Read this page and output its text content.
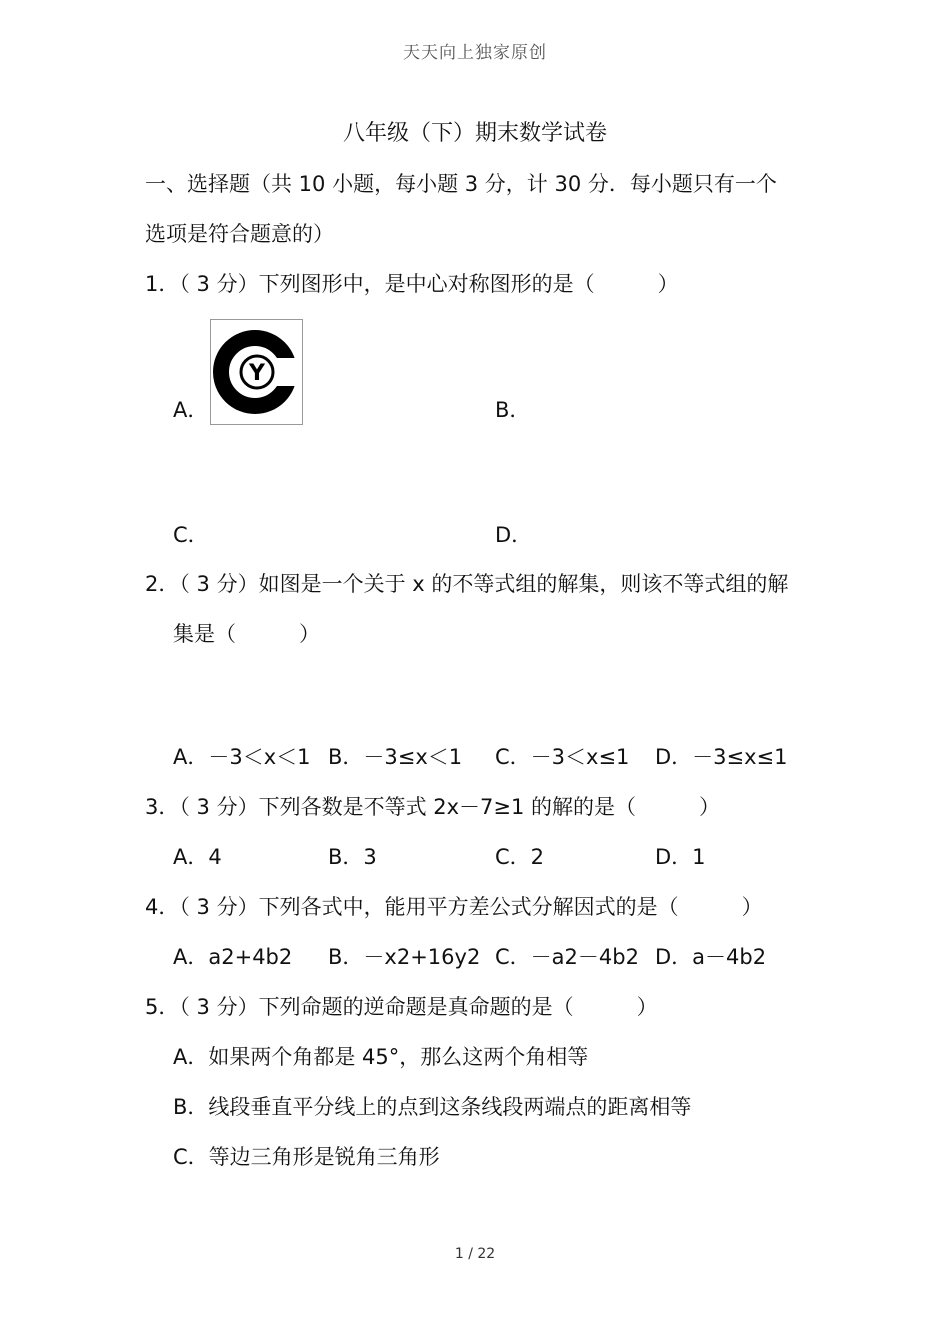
天天向上独家原创
八年级（下）期末数学试卷
一、选择题（共 10 小题，每小题 3 分，计 30 分．每小题只有一个
选项是符合题意的）
1．（ 3 分）下列图形中，是中心对称图形的是（　　　）
A．
Y
B．
C．	D．
2．（ 3 分）如图是一个关于 x 的不等式组的解集，则该不等式组的解
集是（　　　）
A．－3＜x＜1 B．－3≤x＜1 C．－3＜x≤1 D．－3≤x≤1
3．（ 3 分）下列各数是不等式 2x－7≥1 的解的是（　　　）
A．4	B．3	C．2	D．1
4．（ 3 分）下列各式中，能用平方差公式分解因式的是（　　　）
A．a2+4b2 B．－x2+16y2 C．－a2－4b2 D．a－4b2
5．（ 3 分）下列命题的逆命题是真命题的是（　　　）
A．如果两个角都是 45°，那么这两个角相等
B．线段垂直平分线上的点到这条线段两端点的距离相等
C．等边三角形是锐角三角形
1 / 22
